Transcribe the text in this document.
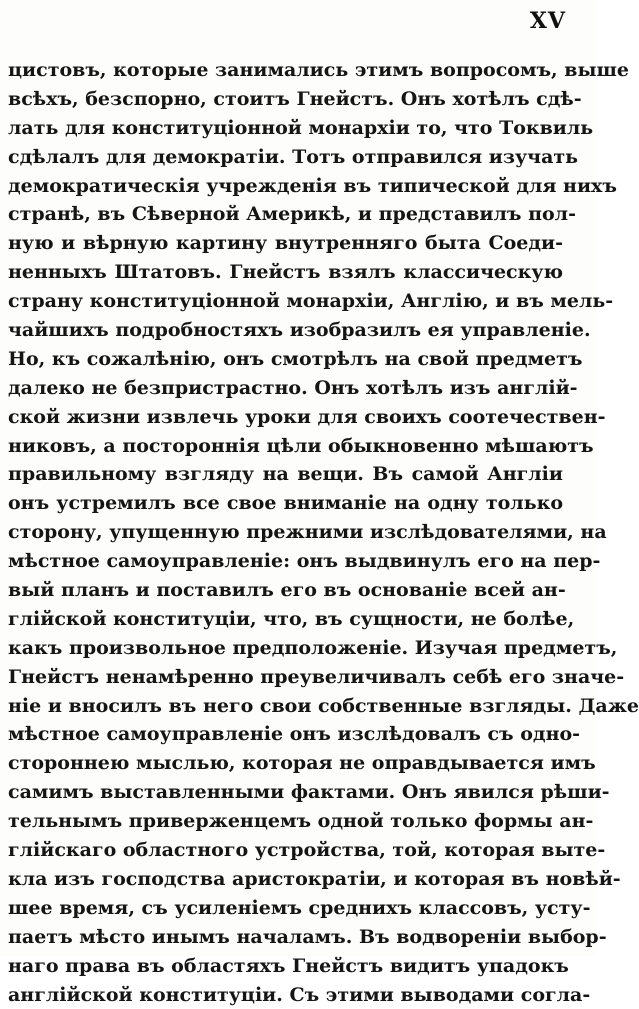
XV
цистовъ, которые занимались этимъ вопросомъ, выше
всѣхъ, безспорно, стоитъ Гнейстъ. Онъ хотѣлъ сдѣ-
лать для конституціонной монархіи то, что Токвиль
сдѣлалъ для демократіи. Тотъ отправился изучать
демократическія учрежденія въ типической для нихъ
странѣ, въ Сѣверной Америкѣ, и представилъ пол-
ную и вѣрную картину внутренняго быта Соеди-
ненныхъ Штатовъ. Гнейстъ взялъ классическую
страну конституціонной монархіи, Англію, и въ мель-
чайшихъ подробностяхъ изобразилъ ея управленіе.
Но, къ сожалѣнію, онъ смотрѣлъ на свой предметъ
далеко не безпристрастно. Онъ хотѣлъ изъ англій-
ской жизни извлечь уроки для своихъ соотечествен-
никовъ, а постороннія цѣли обыкновенно мѣшаютъ
правильному взгляду на вещи. Въ самой Англіи
онъ устремилъ все свое вниманіе на одну только
сторону, упущенную прежними изслѣдователями, на
мѣстное самоуправленіе: онъ выдвинулъ его на пер-
вый планъ и поставилъ его въ основаніе всей ан-
глійской конституціи, что, въ сущности, не болѣе,
какъ произвольное предположеніе. Изучая предметъ,
Гнейстъ ненамѣренно преувеличивалъ себѣ его значе-
ніе и вносилъ въ него свои собственные взгляды. Даже
мѣстное самоуправленіе онъ изслѣдовалъ съ одно-
стороннею мыслью, которая не оправдывается имъ
самимъ выставленными фактами. Онъ явился рѣши-
тельнымъ приверженцемъ одной только формы ан-
глійскаго областного устройства, той, которая выте-
кла изъ господства аристократіи, и которая въ новѣй-
шее время, съ усиленіемъ среднихъ классовъ, усту-
паетъ мѣсто инымъ началамъ. Въ водвореніи выбор-
наго права въ областяхъ Гнейстъ видитъ упадокъ
англійской конституціи. Съ этими выводами согла-
